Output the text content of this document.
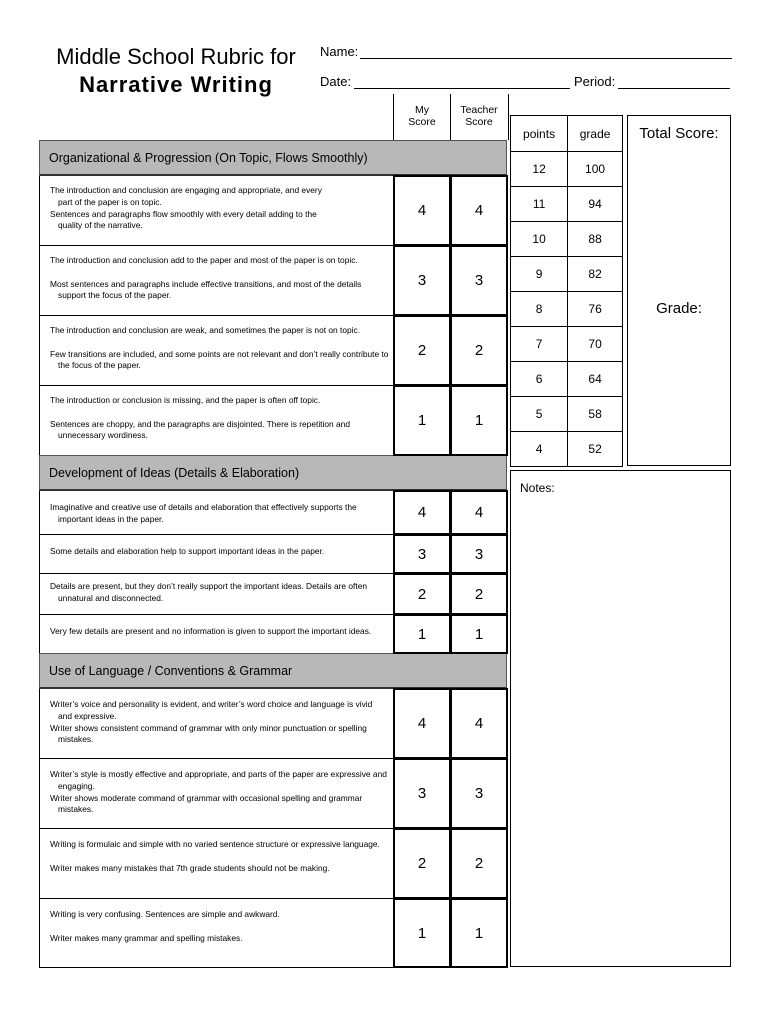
Middle School Rubric for
Narrative Writing
Name:
Date:	Period:
My
Score
Teacher
Score
Organizational & Progression (On Topic, Flows Smoothly)
Development of Ideas (Details & Elaboration)
Use of Language / Conventions & Grammar

The introduction and conclusion are engaging and appropriate, and every

part of the paper is on topic.

Sentences and paragraphs flow smoothly with every detail adding to the

quality of the narrative.

4	4

The introduction and conclusion add to the paper and most of the paper is on topic.

Most sentences and paragraphs include effective transitions, and most of the details

support the focus of the paper.

3	3

The introduction and conclusion are weak, and sometimes the paper is not on topic.

Few transitions are included, and some points are not relevant and don’t really contribute to

the focus of the paper.

2	2

The introduction or conclusion is missing, and the paper is often off topic.

Sentences are choppy, and the paragraphs are disjointed. There is repetition and

unnecessary wordiness.

1	1

Imaginative and creative use of details and elaboration that effectively supports the

important ideas in the paper.	4	4

Some details and elaboration help to support important ideas in the paper.	3	3

Details are present, but they don’t really support the important ideas. Details are often

unnatural and disconnected.	2	2

Very few details are present and no information is given to support the important ideas.	1	1

Writer’s voice and personality is evident, and writer’s word choice and language is vivid

and expressive.

Writer shows consistent command of grammar with only minor punctuation or spelling

mistakes.

4	4

Writer’s style is mostly effective and appropriate, and parts of the paper are expressive and

engaging.

Writer shows moderate command of grammar with occasional spelling and grammar

mistakes.

3	3

Writing is formulaic and simple with no varied sentence structure or expressive language.

Writer makes many mistakes that 7th grade students should not be making.	2	2

Writing is very confusing. Sentences are simple and awkward.

Writer makes many grammar and spelling mistakes.	1	1
points	grade
12	100
11	94
10	88
9	82
8	76
7	70
6	64
5	58
4	52
Total Score:
Grade:
Notes:
